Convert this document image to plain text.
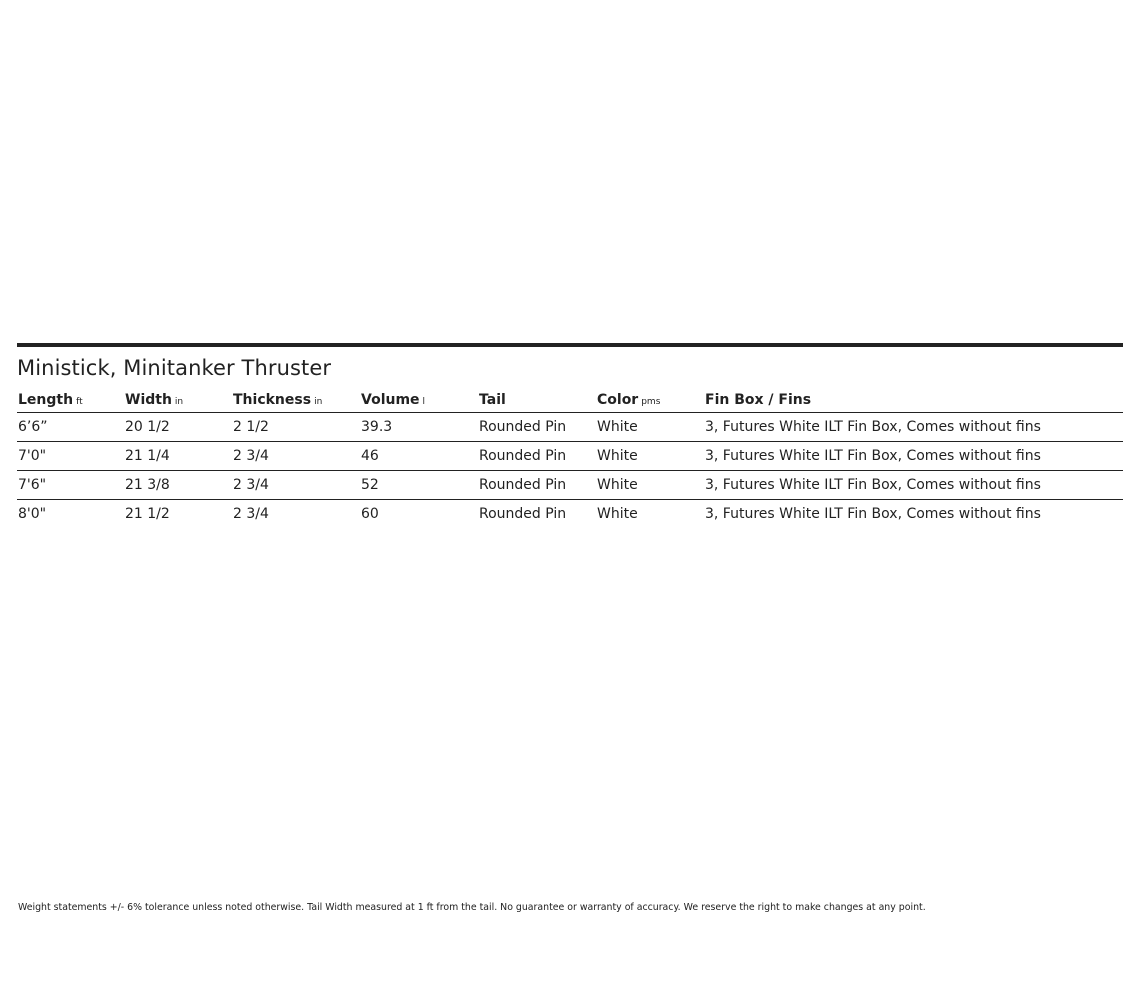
Ministick, Minitanker Thruster
Length ft	Width in	Thickness in	Volume l	Tail	Color pms	Fin Box / Fins
6’6”	20 1/2	2 1/2	39.3	Rounded Pin	White	3, Futures White ILT Fin Box, Comes without fins
7'0"	21 1/4	2 3/4	46	Rounded Pin	White	3, Futures White ILT Fin Box, Comes without fins
7'6"	21 3/8	2 3/4	52	Rounded Pin	White	3, Futures White ILT Fin Box, Comes without fins
8'0"	21 1/2	2 3/4	60	Rounded Pin	White	3, Futures White ILT Fin Box, Comes without fins
Weight statements +/- 6% tolerance unless noted otherwise. Tail Width measured at 1 ft from the tail. No guarantee or warranty of accuracy. We reserve the right to make changes at any point.
